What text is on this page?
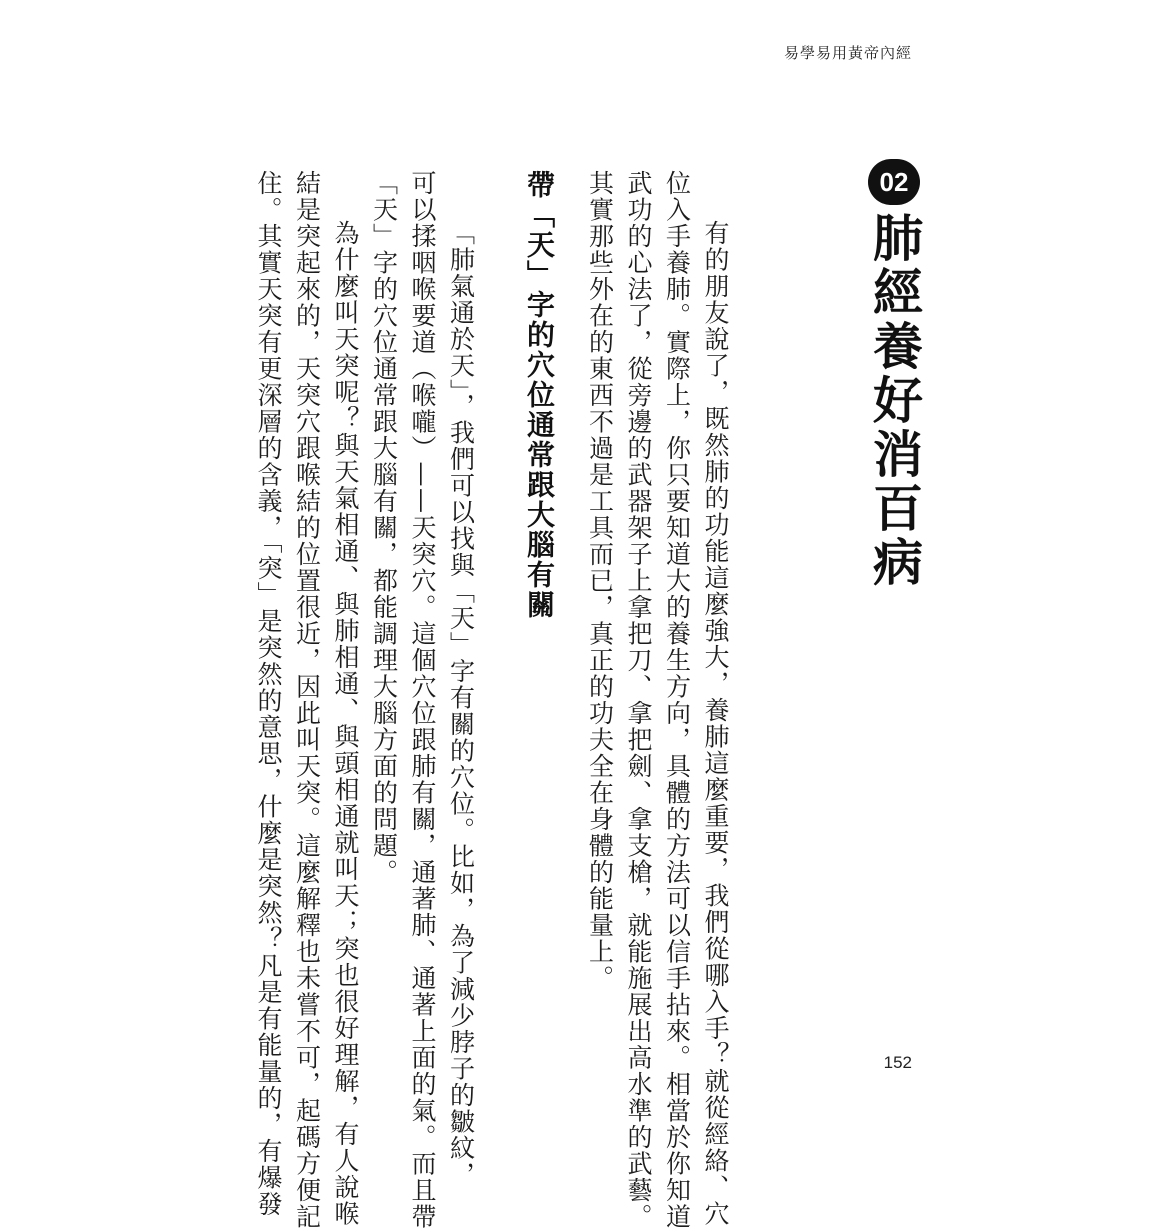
易學易用黃帝內經
02
肺經養好消百病
有的朋友說了，既然肺的功能這麼強大，養肺這麼重要，我們從哪入手？就從經絡、穴
位入手養肺。實際上，你只要知道大的養生方向，具體的方法可以信手拈來。相當於你知道
武功的心法了，從旁邊的武器架子上拿把刀、拿把劍、拿支槍，就能施展出高水準的武藝。
其實那些外在的東西不過是工具而已，真正的功夫全在身體的能量上。
帶「天」字的穴位通常跟大腦有關
「肺氣通於天」，我們可以找與「天」字有關的穴位。比如，為了減少脖子的皺紋，
可以揉咽喉要道（喉嚨）——天突穴。這個穴位跟肺有關，通著肺、通著上面的氣。而且帶
「天」字的穴位通常跟大腦有關，都能調理大腦方面的問題。
為什麼叫天突呢？與天氣相通、與肺相通、與頭相通就叫天；突也很好理解，有人說喉
結是突起來的，天突穴跟喉結的位置很近，因此叫天突。這麼解釋也未嘗不可，起碼方便記
住。其實天突有更深層的含義，「突」是突然的意思，什麼是突然？凡是有能量的，有爆發	152
